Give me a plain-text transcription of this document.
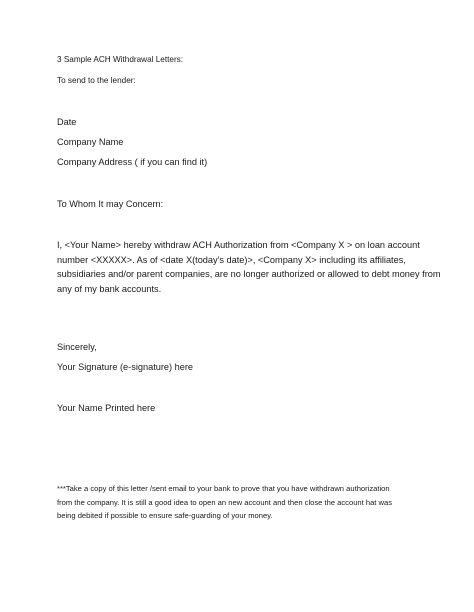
3 Sample ACH Withdrawal Letters:
To send to the lender:
Date
Company Name
Company Address ( if you can find it)
To Whom It may Concern:
I, <Your Name> hereby withdraw ACH Authorization from <Company X > on loan account
number <XXXXX>. As of <date X(today's date)>, <Company X> including its affiliates,
subsidiaries and/or parent companies, are no longer authorized or allowed to debt money from
any of my bank accounts.
Sincerely,
Your Signature (e-signature) here
Your Name Printed here
***Take a copy of this letter /sent email to your bank to prove that you have withdrawn authorization
from the company. It is still a good idea to open an new account and then close the account hat was
being debited if possible to ensure safe-guarding of your money.
